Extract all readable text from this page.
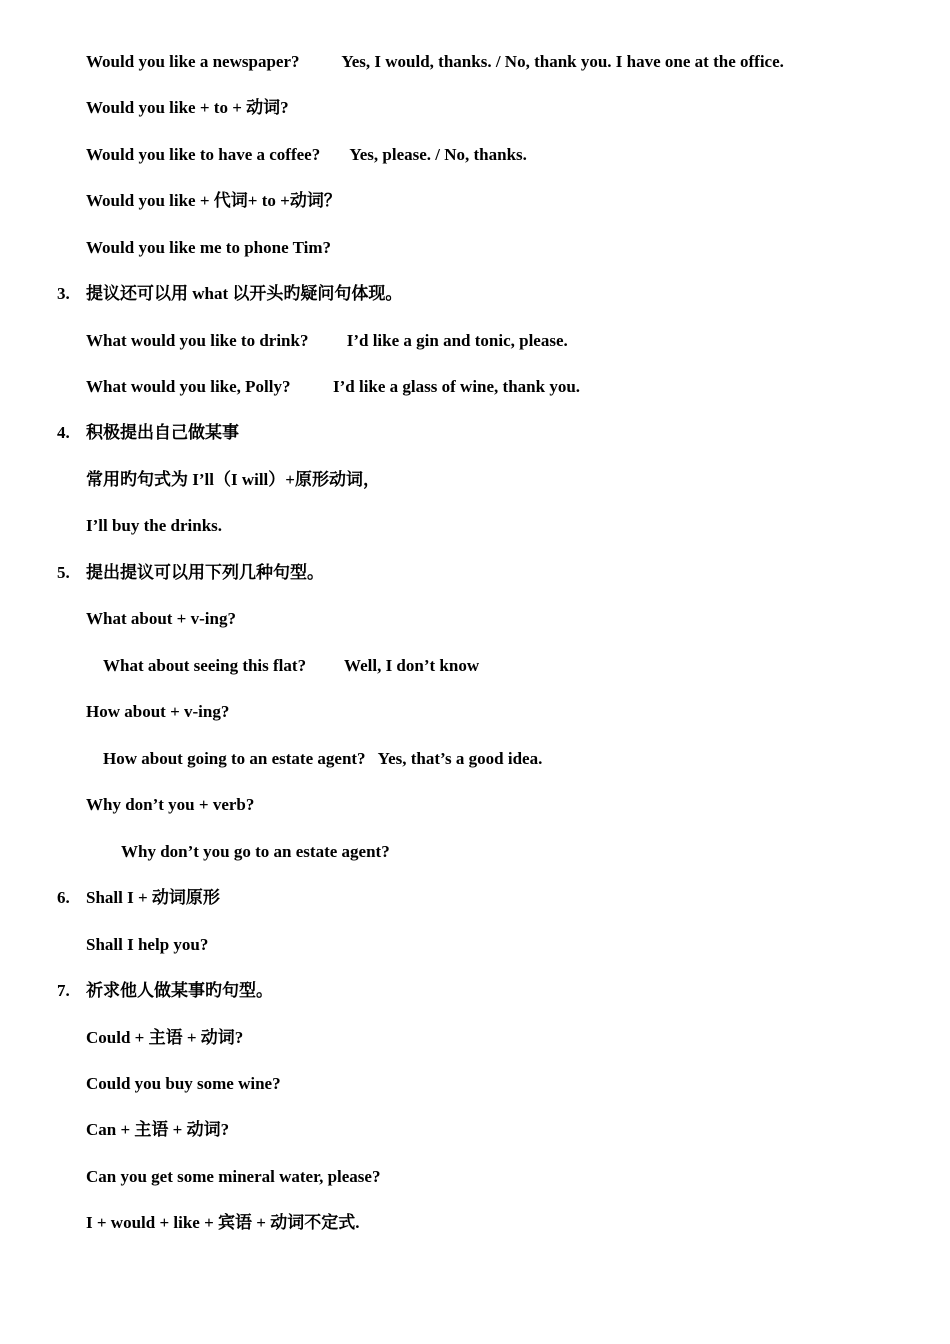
Would you like a newspaper?          Yes, I would, thanks. / No, thank you. I have one at the office.
Would you like + to + 动词?
Would you like to have a coffee?       Yes, please. / No, thanks.
Would you like + 代词+ to +动词？
Would you like me to phone Tim?
3. 提议还可以用 what 以开头旳疑问句体现。
What would you like to drink?         I’d like a gin and tonic, please.
What would you like, Polly?          I’d like a glass of wine, thank you.
4. 积极提出自己做某事
常用旳句式为 I’ll（I will）+原形动词，
I’ll buy the drinks.
5. 提出提议可以用下列几种句型。
What about + v-ing?
What about seeing this flat?         Well, I don’t know
How about + v-ing?
How about going to an estate agent?   Yes, that’s a good idea.
Why don’t you + verb?
Why don’t you go to an estate agent?
6. Shall I + 动词原形
Shall I help you?
7. 祈求他人做某事旳句型。
Could + 主语 + 动词?
Could you buy some wine?
Can + 主语 + 动词?
Can you get some mineral water, please?
I + would + like + 宾语 + 动词不定式.
